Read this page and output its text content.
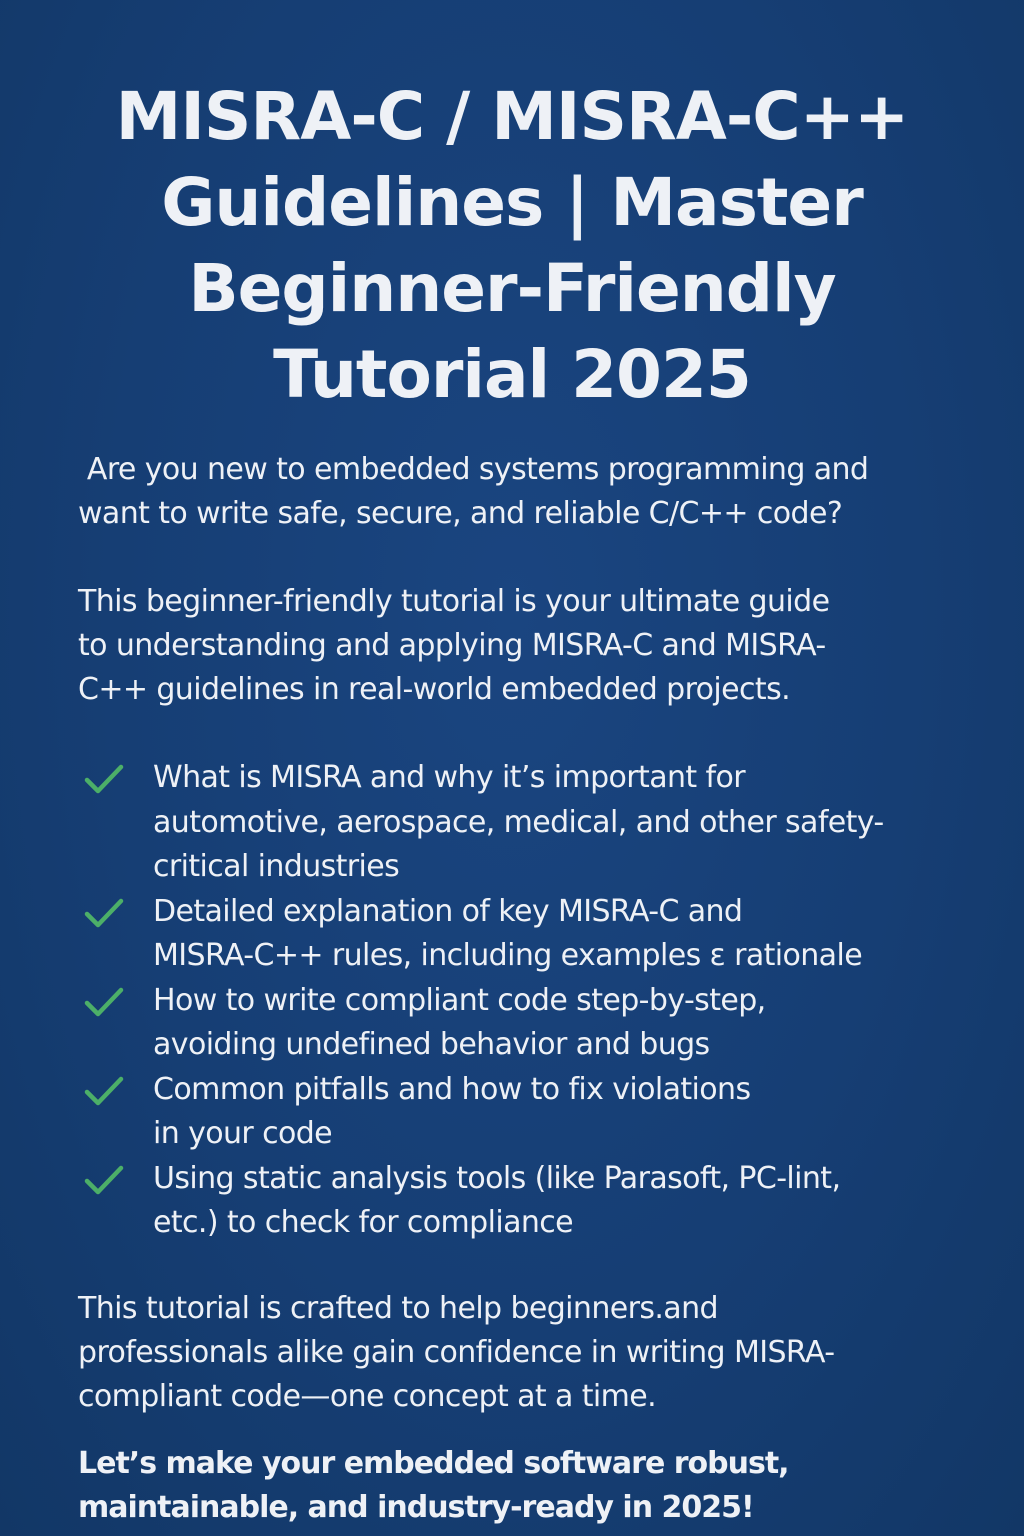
MISRA-C / MISRA-C++
Guidelines | Master
Beginner-Friendly
Tutorial 2025

Are you new to embedded systems programming and
want to write safe, secure, and reliable C/C++ code?

This beginner-friendly tutorial is your ultimate guide
to understanding and applying MISRA-C and MISRA-
C++ guidelines in real-world embedded projects.

What is MISRA and why it’s important for
automotive, aerospace, medical, and other safety-
critical industries
Detailed explanation of key MISRA-C and
MISRA-C++ rules, including examples ε rationale
How to write compliant code step-by-step,
avoiding undefined behavior and bugs
Common pitfalls and how to fix violations
in your code
Using static analysis tools (like Parasoft, PC-lint,
etc.) to check for compliance

This tutorial is crafted to help beginners.and
professionals alike gain confidence in writing MISRA-
compliant code—one concept at a time.

Let’s make your embedded software robust,
maintainable, and industry-ready in 2025!
